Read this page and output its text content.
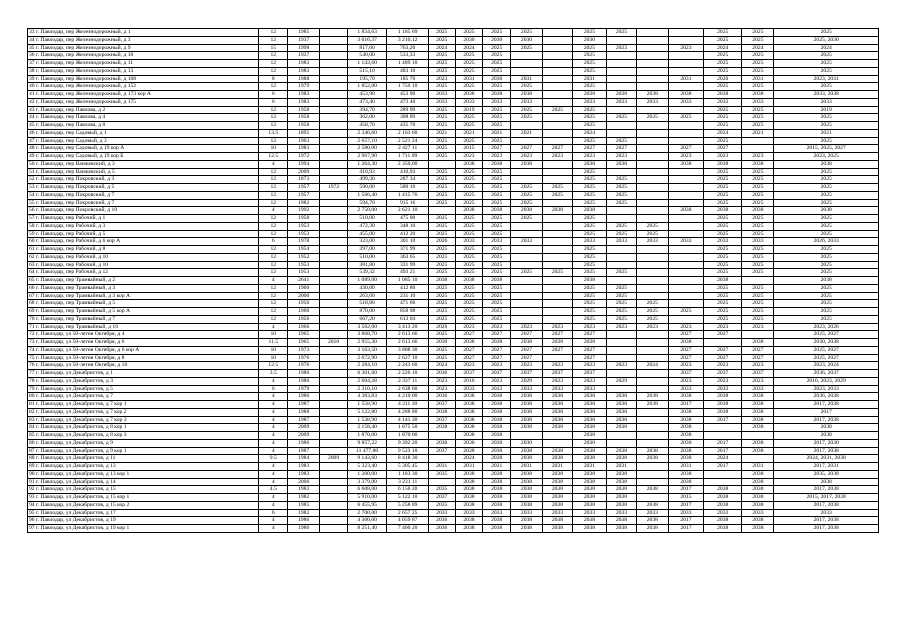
33 г. Павлодар, пер Железнодорожный, д 1	12	1985		1 834,63	1 185 69	2025	2025	2025	2025		2025	2025			2025	2025	2025
34 г. Павлодар, пер Железнодорожный, д 3	12	1937		3 016,37	3 210,12	2025	2030	2030	2030		2030				2025	2025	2025, 2030
35 г. Павлодар, пер Железнодорожный, д 9	15	1998		817,60	763,20	2024	2024	2025	2025		2025	2023		2023	2024	2024	2024
36 г. Павлодар, пер Железнодорожный, д 10	12	1937		540,00	533,33	2025	2025	2025			2025				2025	2025	2025
37 г. Павлодар, пер Железнодорожный, д 11	12	1983		1 143,60	1 489 10	2025	2025	2025			2025				2025	2025	2025
38 г. Павлодар, пер Железнодорожный, д 13	12	1983		515,10	483 10	2025	2025	2025			2025				2025	2025	2025
39 г. Павлодар, пер Железнодорожный, д 108	8	1988		195,70	185 70	2023	2031	2030	2031		2031			2031	2020	2031	2023, 2031
40 г. Павлодар, пер Железнодорожный, д 152	12	1979		1 852,00	1 750 10	2025	2025	2025	2025		2025				2025	2025	2025
41 г. Павлодар, пер Железнодорожный, д 173 кор А	6	1983		453,90	453 90	2033	2038	2038	2038		2038	2038	2038	2038	2038	2038	2033, 2038
42 г. Павлодар, пер Железнодорожный, д 175	6	1983		473,40	473 40	2033	2033	2033	2033		2033	2033	2033	2033	2033	2033	2033
43 г. Павлодар, пер Павлова, д 2	12	1958		394,70	289 99	2025	2019	2025	2025	2025	2025				2025	2025	2019
44 г. Павлодар, пер Павлова, д 4	12	1958		362,00	308 89	2025	2025	2025	2025		2025	2025	2025	2025	2025	2025	2025
45 г. Павлодар, пер Павлова, д 8	12	1958		458,70	435 70	2025	2025	2025			2025				2025	2025	2025
46 г. Павлодар, пер Садовый, д 1	13.5	1895		2 346,60	2 163 60	2021	2021	2021	2021		2024				2024	2021	2021
47 г. Павлодар, пер Садовый, д 3	12	1963		2 657,10	2 521 24	2025	2025	2025			2025	2025			2025		2025
48 г. Павлодар, пер Садовый, д 19 кор А	10	1983		2 580,00	2 427 11	2025	2015	2027	2027	2027	2027	2027		2027	2027		2015, 2025, 2027
49 г. Павлодар, пер Садовый, д 19 кор Б	12.5	1972		2 967,90	1 711 09	2025	2023	2023	2023	2023	2023	2023		2023	2023	2023	2023, 2025
50 г. Павлодар, пер Ванжевский, д 3	4	1994		1 264,30	2 350,00		2038	2038	2038		2038	2038		2038	2038	2038	2038
51 г. Павлодар, пер Ванжевский, д 5	12	2009		410,93	410,93	2025	2025	2025			2025				2025	2025	2025
52 г. Павлодар, пер Покровский, д 3	12	1873		499,30	287 34	2025	2025	2025			2025	2025			2025	2025	2025
53 г. Павлодар, пер Покровский, д 5	12	1957	1972	590,00	580 10	2025	2025	2025	2025	2025	2025	2025			2025	2025	2025
54 г. Павлодар, пер Покровский, д 7	12	1957		1 566,40	1 415 76	2025	2025	2025	2025	2025	2025	2025			2025	2025	2025
55 г. Павлодар, пер Покровский, д 7	12	1982		594,70	915 16	2025	2025	2025	2025		2025	2025			2025	2025	2025
56 г. Павлодар, пер Покровский, д 10	4	1992		2 750,00	2 621 10		2038	2038	2038	2038	2038			2038	2038	2038	2038
57 г. Павлодар, пер Рабочий, д 1	12	1958		510,00	475 00	2025	2025	2025	2025		2025				2025	2025	2025
58 г. Павлодар, пер Рабочий, д 3	12	1953		472,30	348 10	2025	2025	2025			2025	2025	2025		2025	2025	2025
59 г. Павлодар, пер Рабочий, д 5	12	1953		455,00	412 20	2025	2025	2025			2025	2025	2025		2025	2025	2025
60 г. Павлодар, пер Рабочий, д 6 кор А	6	1978		323,00	301 10	2026	2033	2033	2033		2033	2033	2033	2033	2033	2033	2026, 2033
61 г. Павлодар, пер Рабочий, д 8	12	1954		397,00	371 99	2025	2025	2025			2025				2025	2025	2025
62 г. Павлодар, пер Рабочий, д 10	12	1952		510,00	363 65	2025	2025	2025			2025				2025	2025	2025
63 г. Павлодар, пер Рабочий, д 10	12	1953		381,80	331 99	2025	2025	2025			2025				2025	2025	2025
64 г. Павлодар, пер Рабочий, д 12	12	1953		539,32	493 21	2025	2025	2025	2025	2025	2025	2025			2025	2025	2025
65 г. Павлодар, пер Трамвайный, д 2	4	2641		1 089,00	1 085 10	2038	2038	2038			2038				2038		2038
66 г. Павлодар, пер Трамвайный, д 3	12	1960		430,00	412 80	2025	2025	2025			2025	2025			2025	2025	2025
67 г. Павлодар, пер Трамвайный, д 3 кор А	12	2000		263,60	231 10	2025	2025	2025			2025	2025			2025	2025	2025
68 г. Павлодар, пер Трамвайный, д 5	12	1956		518,80	471 66	2025	2025	2025			2025	2025	2025		2025	2025	2025
69 г. Павлодар, пер Трамвайный, д 5 кор А	12	1960		870,00	858 98	2025	2025	2025			2025	2025	2025	2025	2025	2025	2025
70 г. Павлодар, пер Трамвайный, д 7	12	1956		667,20	613 04	2025	2025	2025			2025	2025	2025		2025	2025	2025
71 г. Павлодар, пер Трамвайный, д 16	4	1966		3 562,00	3 413 20	2026	2023	2023	2023	2023	2023	2023	2023	2023	2023	2023	2023, 2026
72 г. Павлодар, ул 50-летия Октября, д 4	10	1965		3 868,70	2 613 66	2025	2027	2027	2027	2027	2027			2027	2027		2025, 2027
73 г. Павлодар, ул 50-летия Октября, д 6	11.5	1965	2010	2 955,30	2 613 66	2030	2038	2038	2038	2038	2038			2038		2038	2030, 2038
74 г. Павлодар, ул 50-летия Октября, д 6 кор А	10	1973		3 163,50	3 888 30	2025	2027	2027	2027	2027	2027			2027	2027	2027	2025, 2027
75 г. Павлодар, ул 50-летия Октября, д 8	10	1976		2 672,90	2 627 10	2025	2027	2027	2027		2027			2027	2027	2027	2025, 2027
76 г. Павлодар, ул 50-летия Октября, д 10	12.5	1976		2 284,10	2 243 60	2024	2023	2023	2023	2023	2023	2023	2024	2023	2023	2023	2023, 2024
77 г. Павлодар, ул Декабристов, д 1	3.5	1980		6 301,60	2 226 10	2036	2037	2037	2037	2037	2037			2037	2037	2037	2036, 2037
78 г. Павлодар, ул Декабристов, д 3	4	1980		2 604,28	2 337 11	2023	2016	2023	2029	2023	2023	2029		2023	2023	2023	2016, 2023, 2029
79 г. Павлодар, ул Декабристов, д 5	6	1979		2 310,10	2 638 60	2023	2033	2033	2033	2033	2033			2033	2033	2033	2023, 2033
80 г. Павлодар, ул Декабристов, д 7	4	1986		4 383,83	4 210 00	2036	2038	2038	2038	2038	2038	2038	2038	2038	2038	2038	2036, 2038
81 г. Павлодар, ул Декабристов, д 7 кор 1	4	1987		1 558,90	4 211 30	2037	2038	2038	2038	2038	2038	2038	2038	2017	2038	2038	2017, 2038
82 г. Павлодар, ул Декабристов, д 7 кор 2	4	1988		5 122,80	4 288 80	2038	2038	2038	2038	2038	2038	2038		2038	2038	2038	2017
83 г. Павлодар, ул Декабристов, д 7 кор 3	4	1987		1 538,90	4 141 30	2037	2038	2038	2038	2038	2038	2038		2038	2017	2038	2017, 2038
84 г. Павлодар, ул Декабристов, д 8 кор 1	4	2009		2 158,40	1 875 50	2038	2038	2038	2038	2038	2038	2038		2038		2038	2038
85 г. Павлодар, ул Декабристов, д 8 кор 3	4	2009		1 870,00	1 870 00		2038	2038			2038			2038			2038
86 г. Павлодар, ул Декабристов, д 9	4	1986		9 857,22	9 392 20	2036	2030	2030	2030		2030			2030	2017	2038	2017, 2030
87 г. Павлодар, ул Декабристов, д 9 кор 1	4	1987		11 477,80	9 523 10	2037	2038	2038	2038	2038	2038	2038	2038	2038	2017	2038	2017, 2038
88 г. Павлодар, ул Декабристов, д 11	9.5	1984	2009	9 143,60	8 418 30		2024	2038	2038	2038	2038	2038	2038	2038	2024		2024, 2031, 2038
89 г. Павлодар, ул Декабристов, д 13	4	1983		5 323,40	5 305 45	2031	2031	2031	2031	2031	2031	2031		2031	2017	2031	2017, 2031
90 г. Павлодар, ул Декабристов, д 13 кор 1	4	1983		1 200,00	1 183 30	2035	2038	2038	2038	2038	2038	2038		2038		2038	2035, 2038
91 г. Павлодар, ул Декабристов, д 14	4	2006		3 379,00	3 231 11		2038	2038	2038	2038	2038	2038		2038		2038	2038
92 г. Павлодар, ул Декабристов, д 15	4.5	1983		6 608,00	6 156 20	2035	2038	2038	2038	2038	2038	2038	2038	2017	2038	2038	2017, 2038
93 г. Павлодар, ул Декабристов, д 15 кор 1	4	1982		5 910,00	5 122 10	2037	2038	2038	2038	2038	2038	2038		2015	2038	2038	2015, 2017, 2038
94 г. Павлодар, ул Декабристов, д 15 кор 2	4	1985		6 455,95	5 258 89	2035	2038	2038	2038	2038	2038	2038	2038	2017	2038	2038	2017, 2038
95 г. Павлодар, ул Декабристов, д 17	6	1982		2 700,00	2 657 25	2033	2033	2033	2033	2033	2033	2033	2033	2033	2033	2033	2033
96 г. Павлодар, ул Декабристов, д 19	4	1986		4 300,00	4 059 87	2036	2038	2038	2038	2038	2038	2038	2038	2017	2038	2038	2017, 2038
97 г. Павлодар, ул Декабристов, д 19 кор 1	4	1986		8 251,40	7 460 20	2036	2038	2038	2038	2038	2038	2038	2038	2017	2038	2038	2017, 2038
